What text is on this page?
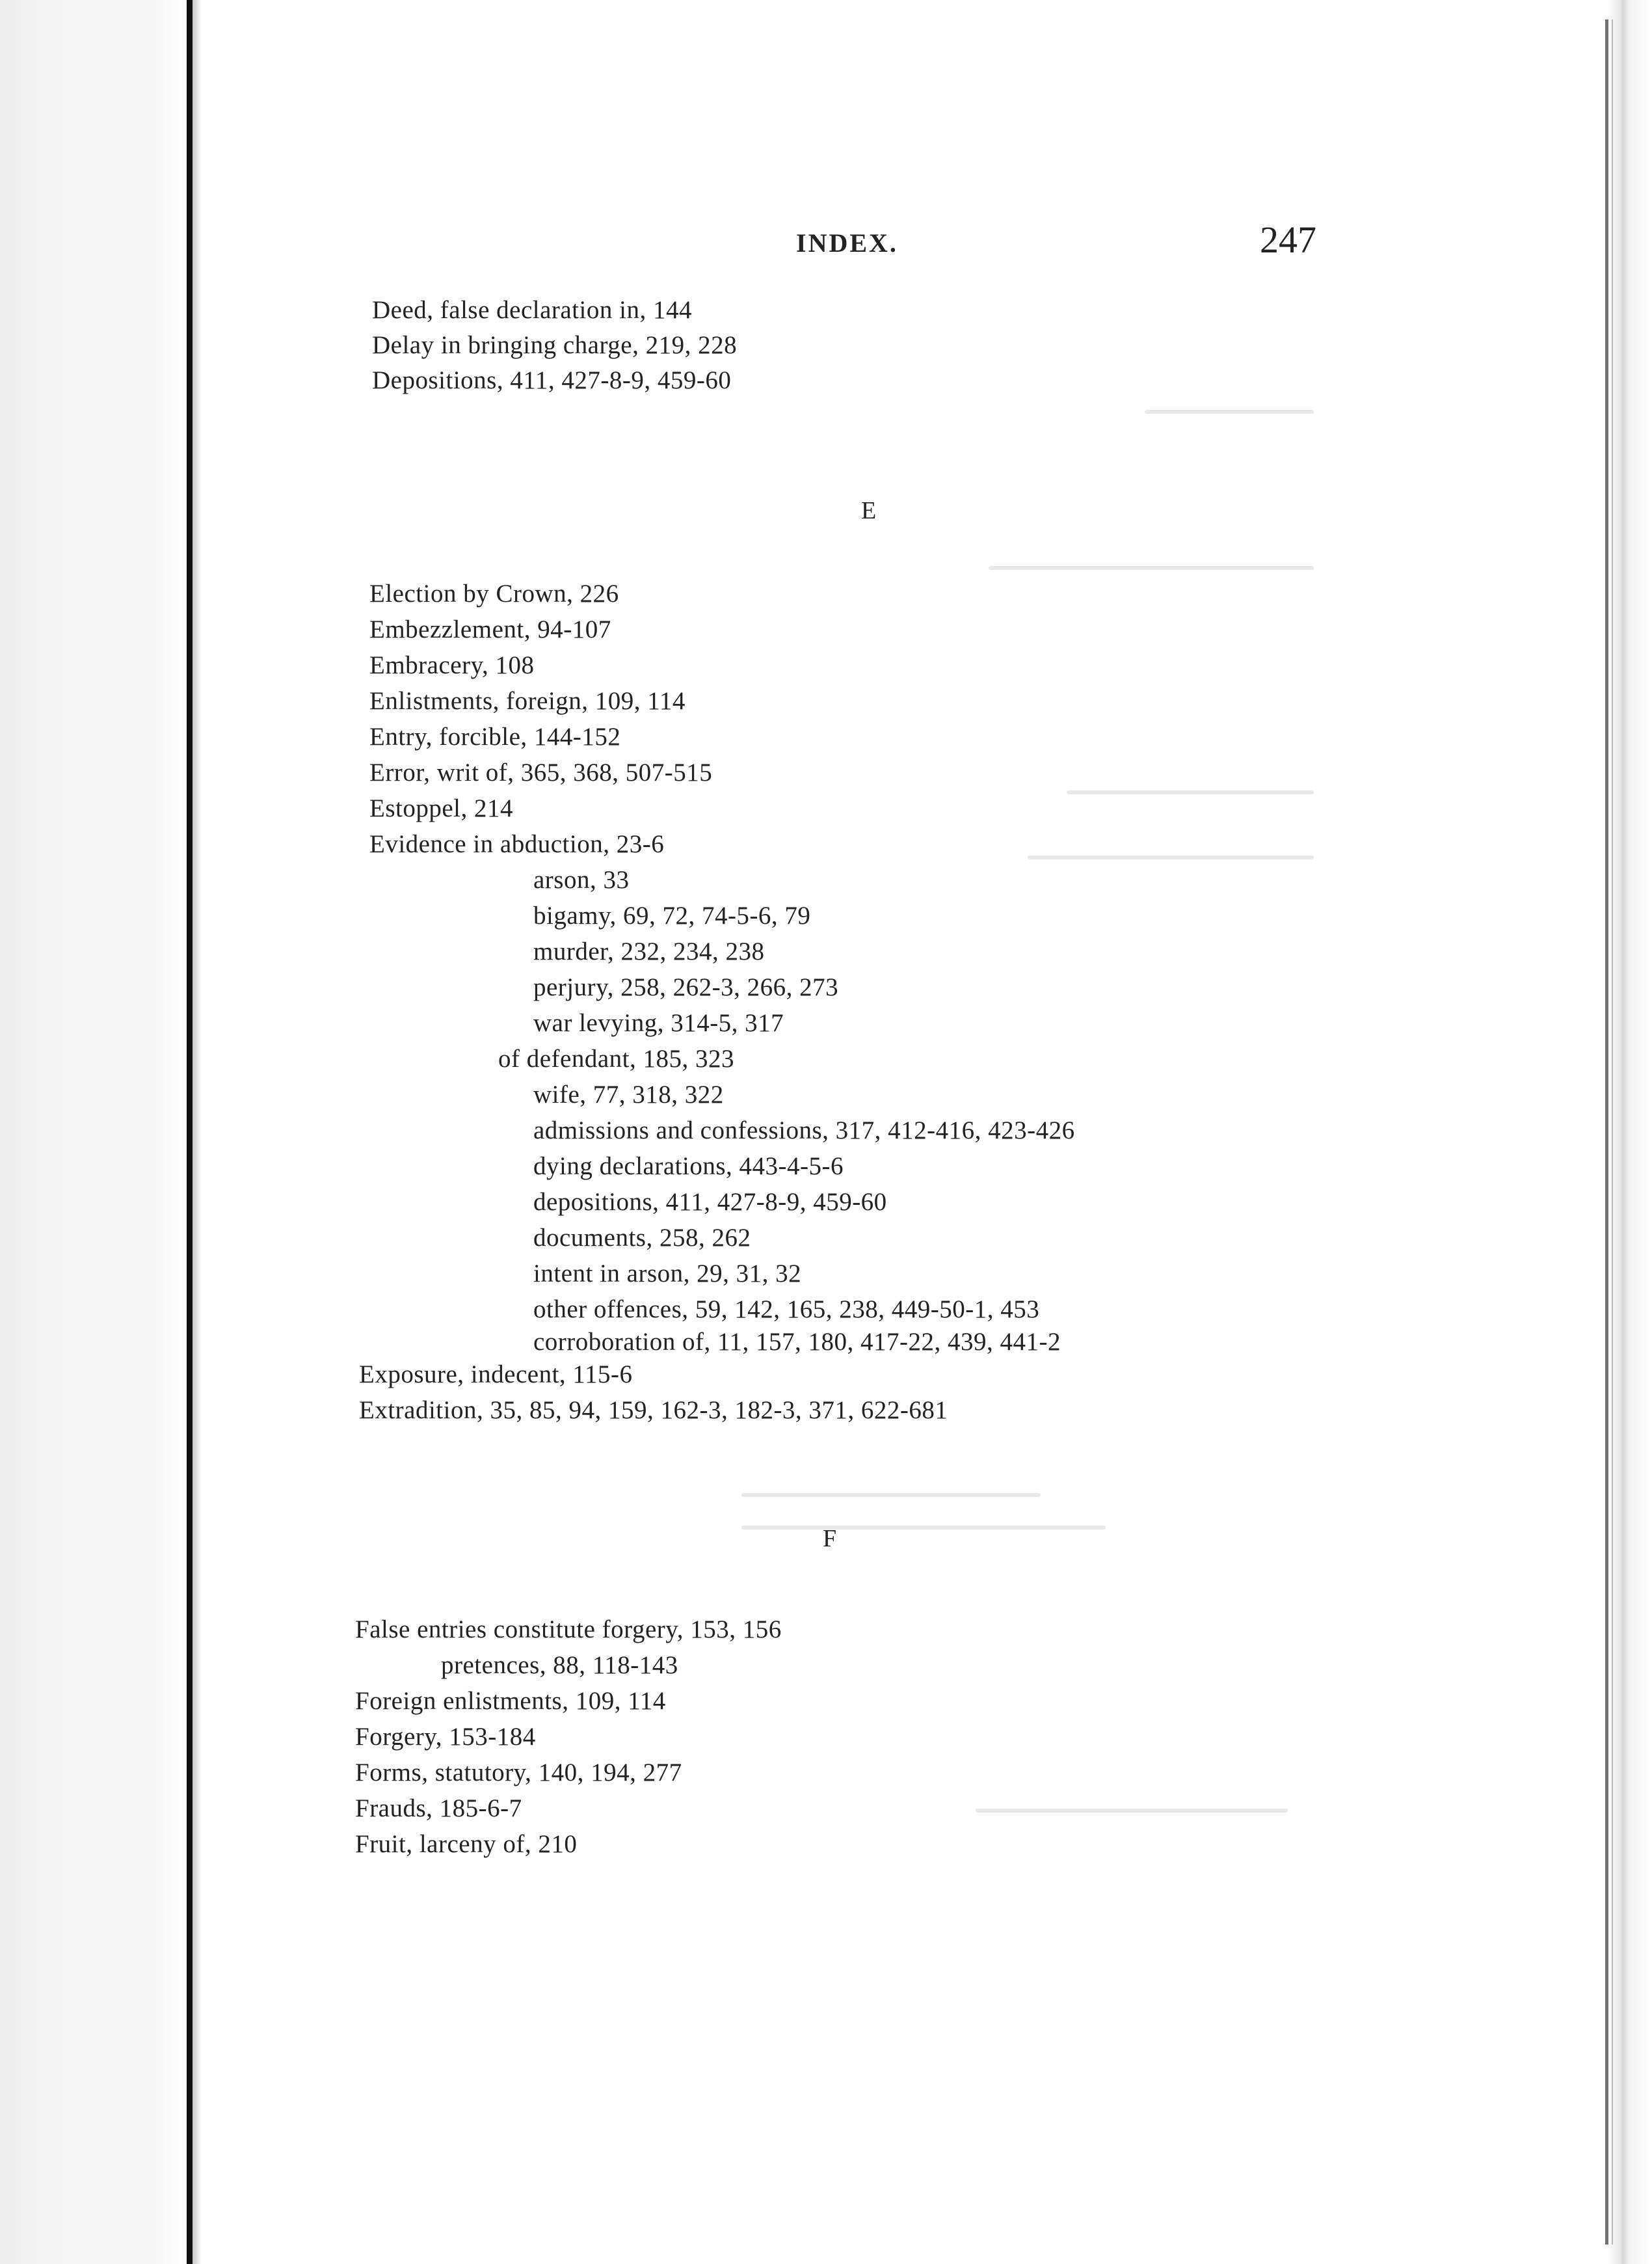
INDEX.	247
Deed, false declaration in, 144
Delay in bringing charge, 219, 228
Depositions, 411, 427-8-9, 459-60
E
Election by Crown, 226
Embezzlement, 94-107
Embracery, 108
Enlistments, foreign, 109, 114
Entry, forcible, 144-152
Error, writ of, 365, 368, 507-515
Estoppel, 214
Evidence in abduction, 23-6
arson, 33
bigamy, 69, 72, 74-5-6, 79
murder, 232, 234, 238
perjury, 258, 262-3, 266, 273
war levying, 314-5, 317
of defendant, 185, 323
wife, 77, 318, 322
admissions and confessions, 317, 412-416, 423-426
dying declarations, 443-4-5-6
depositions, 411, 427-8-9, 459-60
documents, 258, 262
intent in arson, 29, 31, 32
other offences, 59, 142, 165, 238, 449-50-1, 453
corroboration of, 11, 157, 180, 417-22, 439, 441-2
Exposure, indecent, 115-6
Extradition, 35, 85, 94, 159, 162-3, 182-3, 371, 622-681
F
False entries constitute forgery, 153, 156
pretences, 88, 118-143
Foreign enlistments, 109, 114
Forgery, 153-184
Forms, statutory, 140, 194, 277
Frauds, 185-6-7
Fruit, larceny of, 210
